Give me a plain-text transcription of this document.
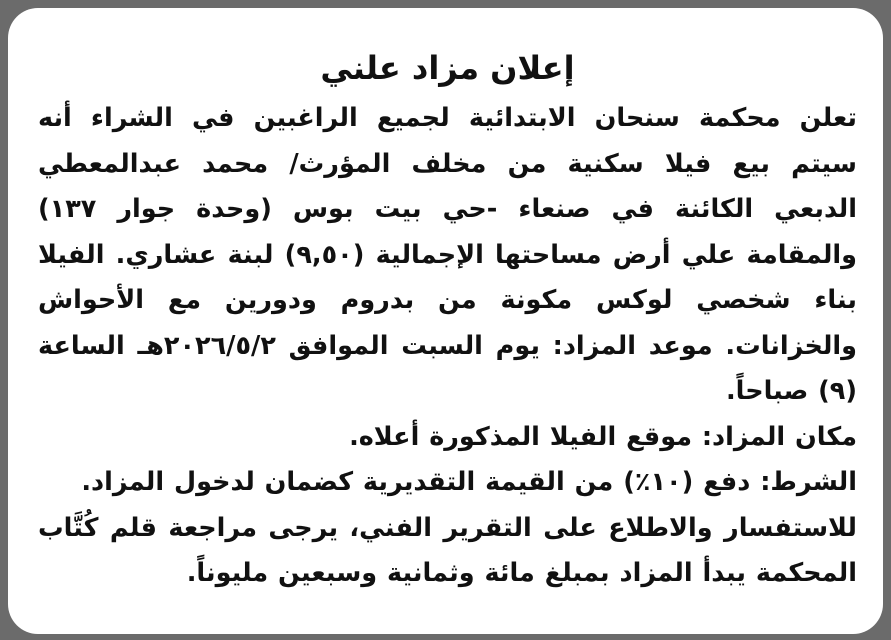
إعلان مزاد علني

تعلن محكمة سنحان الابتدائية لجميع الراغبين في الشراء أنه سيتم بيع فيلا سكنية من مخلف المؤرث/ محمد عبدالمعطي الدبعي الكائنة في صنعاء -حي بيت بوس (وحدة جوار ١٣٧) والمقامة علي أرض مساحتها الإجمالية (٩,٥٠) لبنة عشاري. الفيلا بناء شخصي لوكس مكونة من بدروم ودورين مع الأحواش والخزانات. موعد المزاد: يوم السبت الموافق ٢٠٢٦/٥/٢هـ الساعة (٩) صباحاً.

مكان المزاد: موقع الفيلا المذكورة أعلاه.

الشرط: دفع (١٠٪) من القيمة التقديرية كضمان لدخول المزاد.

للاستفسار والاطلاع على التقرير الفني، يرجى مراجعة قلم كُتَّاب المحكمة يبدأ المزاد بمبلغ مائة وثمانية وسبعين مليوناً.
